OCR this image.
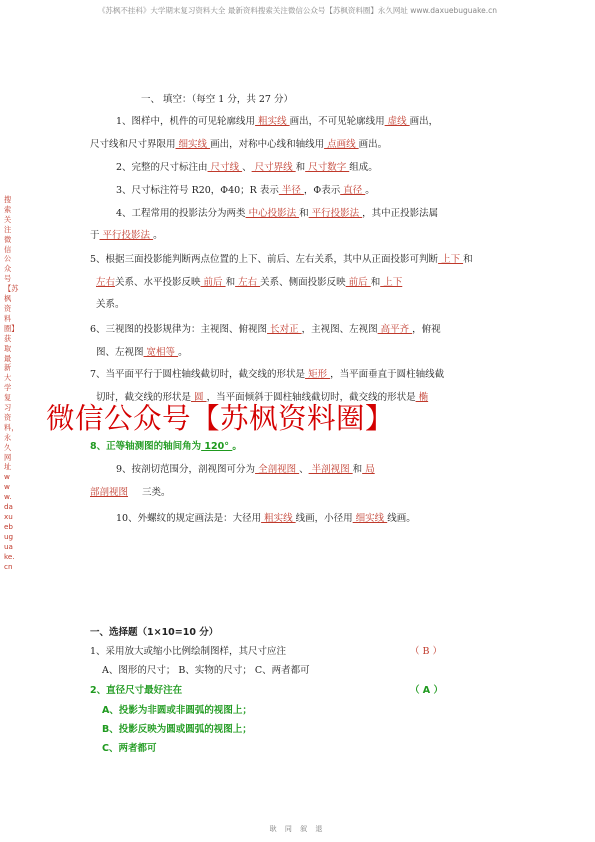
《苏枫不挂科》大学期末复习资料大全 最新资料搜索关注微信公众号【苏枫资料圈】永久网址 www.daxuebuguake.cn
搜索关注微信公众号【苏枫资料圈】获取最新大学复习资料，永久网址www.daxuebuguake.cn
一、 填空：（每空 1 分，共 27 分）
1、图样中，机件的可见轮廓线用 粗实线 画出，不可见轮廓线用 虚线 画出，
尺寸线和尺寸界限用 细实线 画出，对称中心线和轴线用 点画线 画出。
2、完整的尺寸标注由 尺寸线 、 尺寸界线 和 尺寸数字 组成。
3、尺寸标注符号 R20，Φ40；R 表示 半径 ，Φ表示 直径 。
4、工程常用的投影法分为两类 中心投影法 和 平行投影法 ，其中正投影法属
于 平行投影法 。
5、根据三面投影能判断两点位置的上下、前后、左右关系，其中从正面投影可判断 上下 和
左右关系、水平投影反映 前后 和 左右 关系、侧面投影反映 前后 和 上下
关系。
6、三视图的投影规律为：主视图、俯视图 长对正 ，主视图、左视图 高平齐 ，俯视
图、左视图 宽相等 。
7、当平面平行于圆柱轴线截切时，截交线的形状是 矩形 ，当平面垂直于圆柱轴线截
切时，截交线的形状是 圆 ，当平面倾斜于圆柱轴线截切时，截交线的形状是 椭
微信公众号【苏枫资料圈】
8、正等轴测图的轴间角为 120° 。
9、按剖切范围分，剖视图可分为 全剖视图 、 半剖视图 和 局
部剖视图 三类。
10、外螺纹的规定画法是：大径用 粗实线 线画，小径用 细实线 线画。
一、选择题（1×10=10 分）
1、采用放大或缩小比例绘制图样，其尺寸应注	（ B ）
A、图形的尺寸； B、实物的尺寸； C、两者都可
2、直径尺寸最好注在	（ A ）
A、投影为非圆或非圆弧的视图上；
B、投影反映为圆或圆弧的视图上；
C、两者都可
耿 同 叙 退
